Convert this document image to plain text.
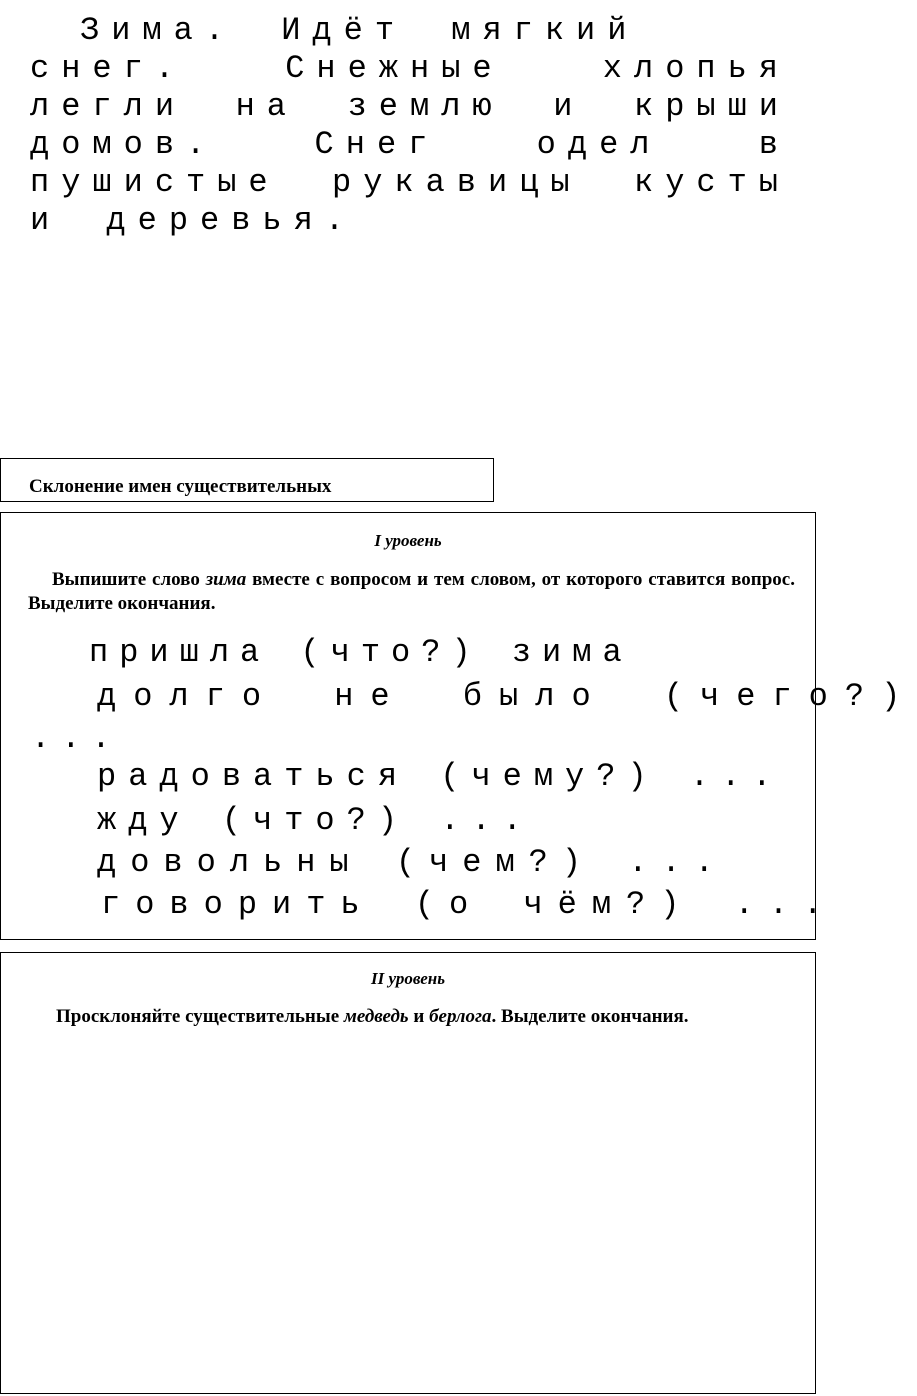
Зима. Идёт мягкий
снег. Снежные хлопья легли на землю и крыши домов. Снег одел в пушистые рукавицы кусты и деревья.

Склонение имен существительных
I уровень

Выпишите слово зима вместе с вопросом и тем словом, от которого ставится вопрос. Выделите окончания.

пришла (что?) зима
долго не было (чего?)
...
радоваться (чему?) ...
жду (что?) ...
довольны (чем?) ...
говорить (о чём?) ...
II уровень

Просклоняйте существительные медведь и берлога. Выделите окончания.
